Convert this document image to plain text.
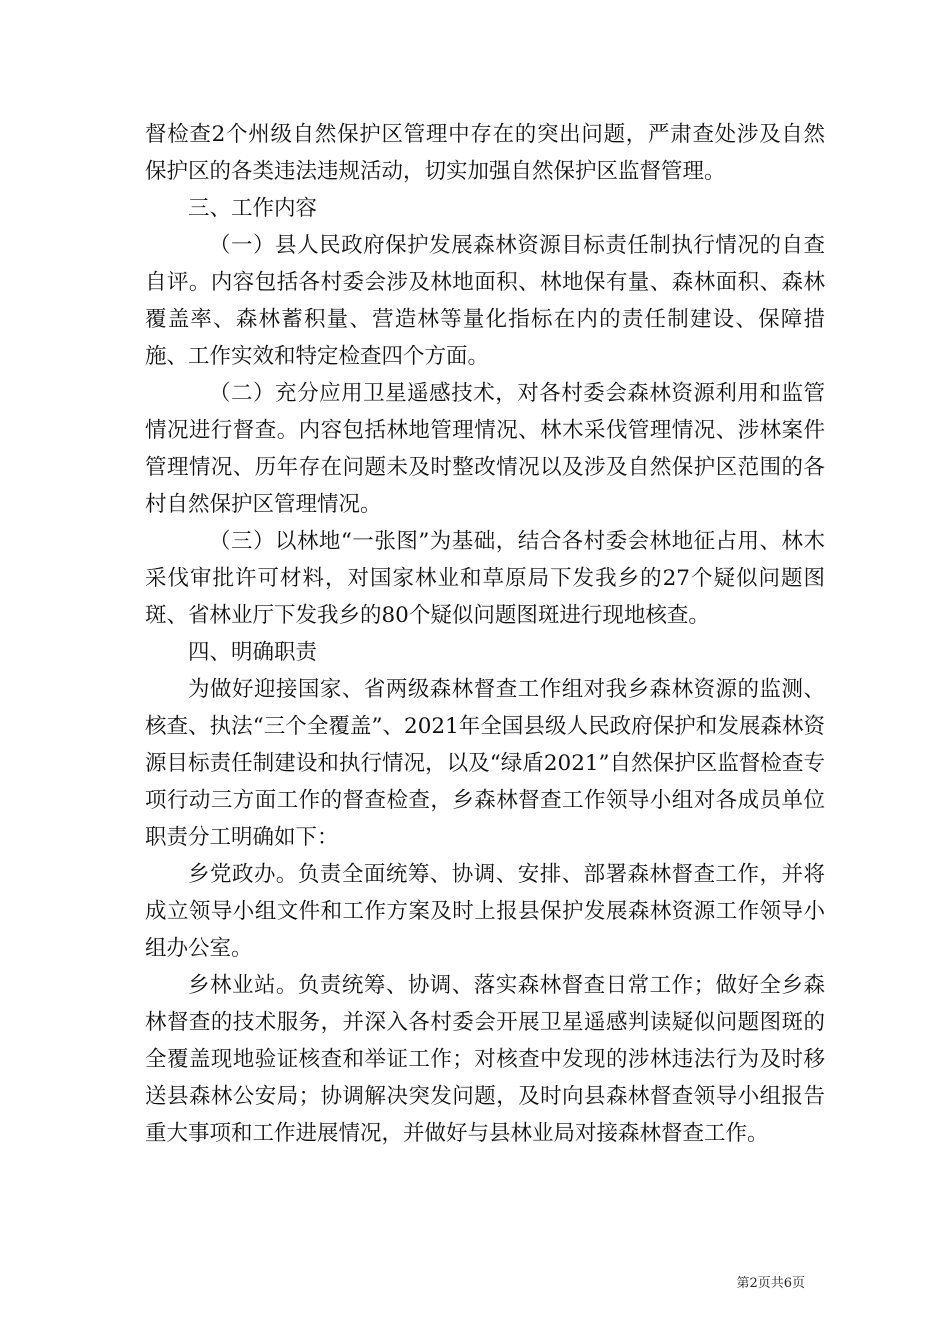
督检查2个州级自然保护区管理中存在的突出问题，严肃查处涉及自然保护区的各类违法违规活动，切实加强自然保护区监督管理。

三、工作内容

（一）县人民政府保护发展森林资源目标责任制执行情况的自查自评。内容包括各村委会涉及林地面积、林地保有量、森林面积、森林覆盖率、森林蓄积量、营造林等量化指标在内的责任制建设、保障措施、工作实效和特定检查四个方面。

（二）充分应用卫星遥感技术，对各村委会森林资源利用和监管情况进行督查。内容包括林地管理情况、林木采伐管理情况、涉林案件管理情况、历年存在问题未及时整改情况以及涉及自然保护区范围的各村自然保护区管理情况。

（三）以林地“一张图”为基础，结合各村委会林地征占用、林木采伐审批许可材料，对国家林业和草原局下发我乡的27个疑似问题图斑、省林业厅下发我乡的80个疑似问题图斑进行现地核查。

四、明确职责

为做好迎接国家、省两级森林督查工作组对我乡森林资源的监测、核查、执法“三个全覆盖”、2021年全国县级人民政府保护和发展森林资源目标责任制建设和执行情况，以及“绿盾2021”自然保护区监督检查专项行动三方面工作的督查检查，乡森林督查工作领导小组对各成员单位职责分工明确如下：

乡党政办。负责全面统筹、协调、安排、部署森林督查工作，并将成立领导小组文件和工作方案及时上报县保护发展森林资源工作领导小组办公室。

乡林业站。负责统筹、协调、落实森林督查日常工作；做好全乡森林督查的技术服务，并深入各村委会开展卫星遥感判读疑似问题图斑的全覆盖现地验证核查和举证工作；对核查中发现的涉林违法行为及时移送县森林公安局；协调解决突发问题，及时向县森林督查领导小组报告重大事项和工作进展情况，并做好与县林业局对接森林督查工作。

第2页共6页
